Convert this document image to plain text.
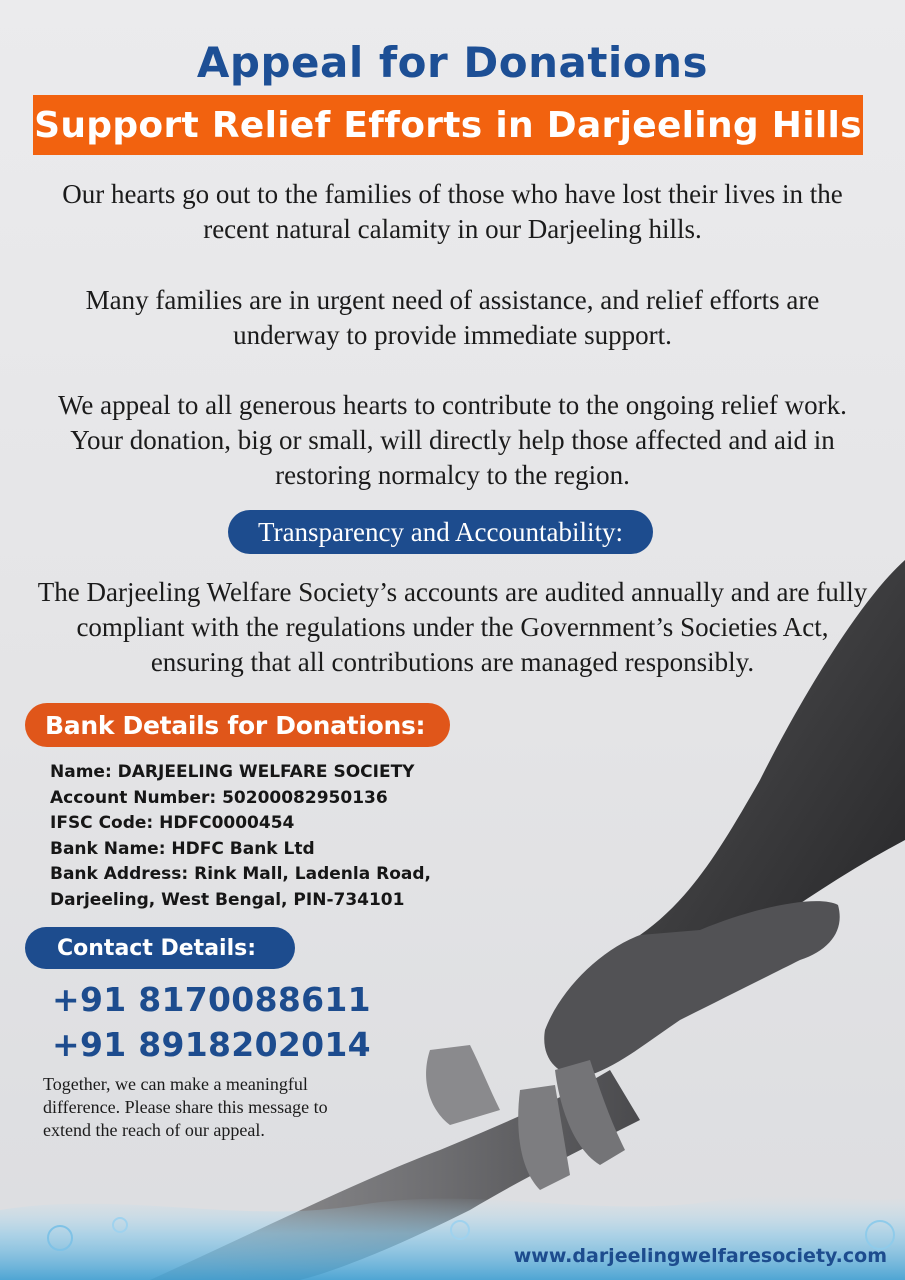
Appeal for Donations
Support Relief Efforts in Darjeeling Hills

Our hearts go out to the families of those who have lost their lives in the recent natural calamity in our Darjeeling hills.

Many families are in urgent need of assistance, and relief efforts are underway to provide immediate support.

We appeal to all generous hearts to contribute to the ongoing relief work. Your donation, big or small, will directly help those affected and aid in restoring normalcy to the region.

Transparency and Accountability:

The Darjeeling Welfare Society’s accounts are audited annually and are fully compliant with the regulations under the Government’s Societies Act, ensuring that all contributions are managed responsibly.

Bank Details for Donations:
Name: DARJEELING WELFARE SOCIETY
Account Number: 50200082950136
IFSC Code: HDFC0000454
Bank Name: HDFC Bank Ltd
Bank Address: Rink Mall, Ladenla Road,
Darjeeling, West Bengal, PIN-734101
Contact Details:
+91 8170088611
+91 8918202014

Together, we can make a meaningful difference. Please share this message to extend the reach of our appeal.

www.darjeelingwelfaresociety.com
